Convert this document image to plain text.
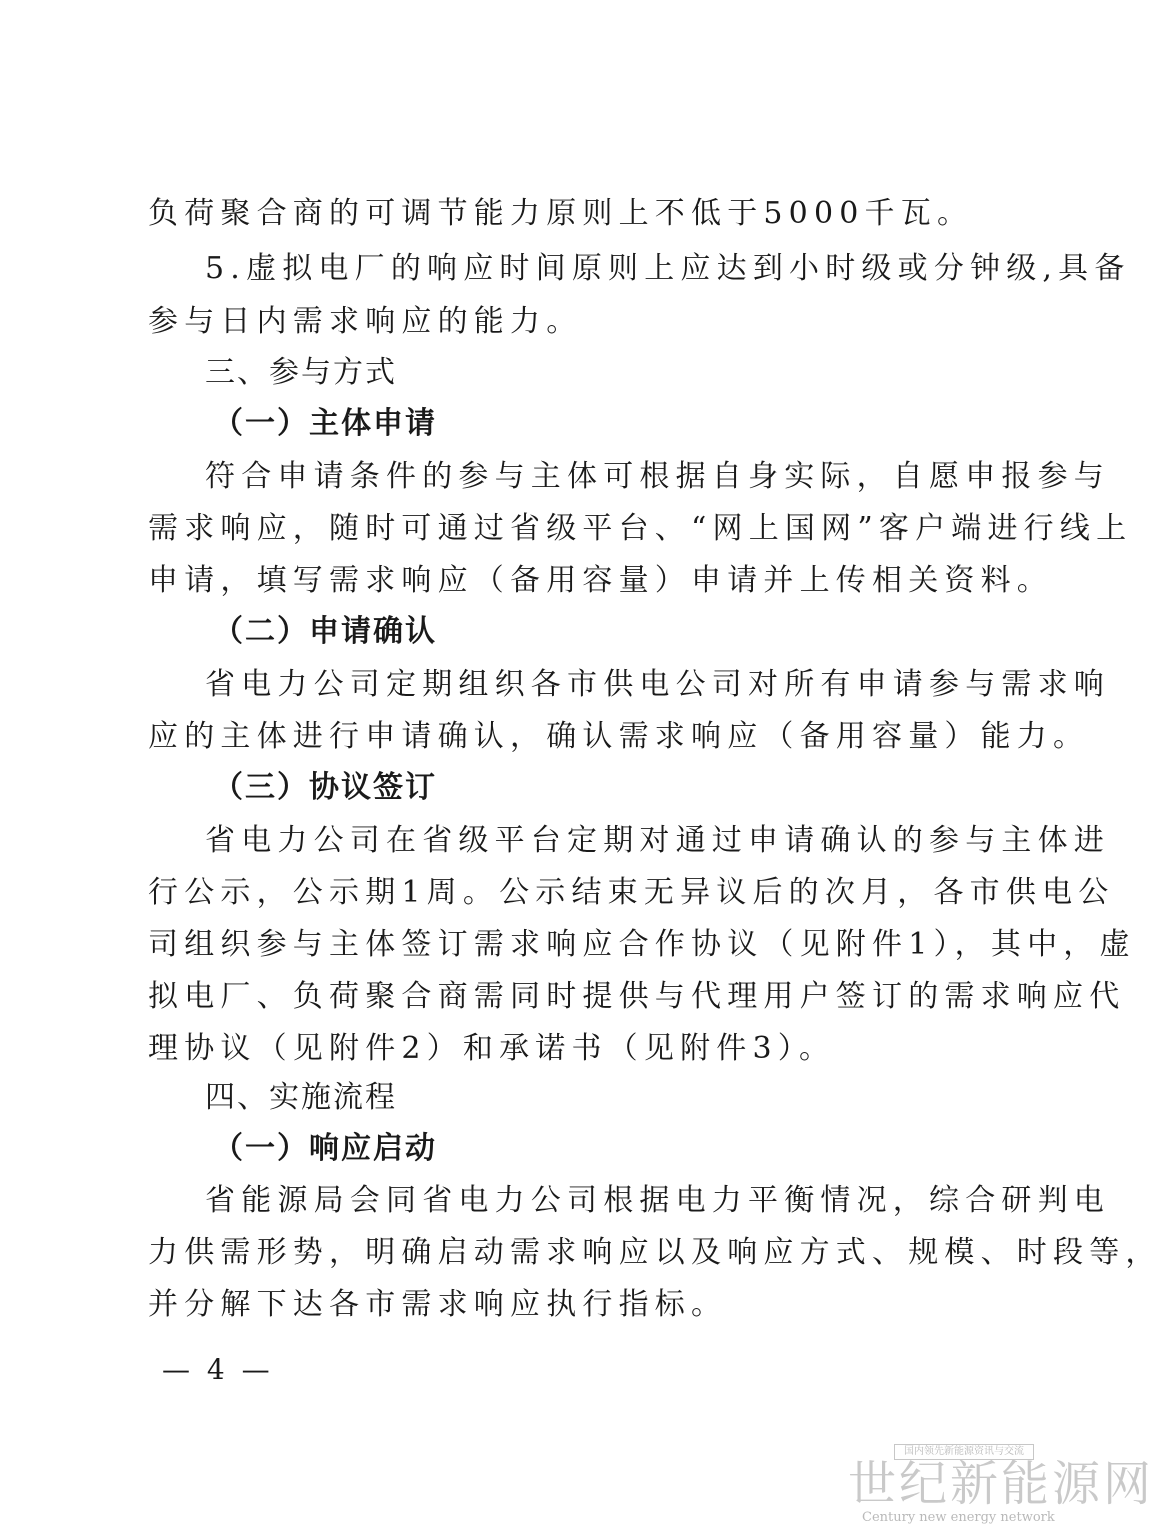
负荷聚合商的可调节能力原则上不低于5000千瓦。
5.虚拟电厂的响应时间原则上应达到小时级或分钟级,具备
参与日内需求响应的能力。
三、参与方式
（一）主体申请
符合申请条件的参与主体可根据自身实际，自愿申报参与
需求响应，随时可通过省级平台、“网上国网”客户端进行线上
申请，填写需求响应（备用容量）申请并上传相关资料。
（二）申请确认
省电力公司定期组织各市供电公司对所有申请参与需求响
应的主体进行申请确认，确认需求响应（备用容量）能力。
（三）协议签订
省电力公司在省级平台定期对通过申请确认的参与主体进
行公示，公示期1周。公示结束无异议后的次月，各市供电公
司组织参与主体签订需求响应合作协议（见附件1），其中，虚
拟电厂、负荷聚合商需同时提供与代理用户签订的需求响应代
理协议（见附件2）和承诺书（见附件3）。
四、实施流程
（一）响应启动
省能源局会同省电力公司根据电力平衡情况，综合研判电
力供需形势，明确启动需求响应以及响应方式、规模、时段等，
并分解下达各市需求响应执行指标。
— 4 —
国内领先新能源资讯与交流
世纪新能源网
Century new energy network
